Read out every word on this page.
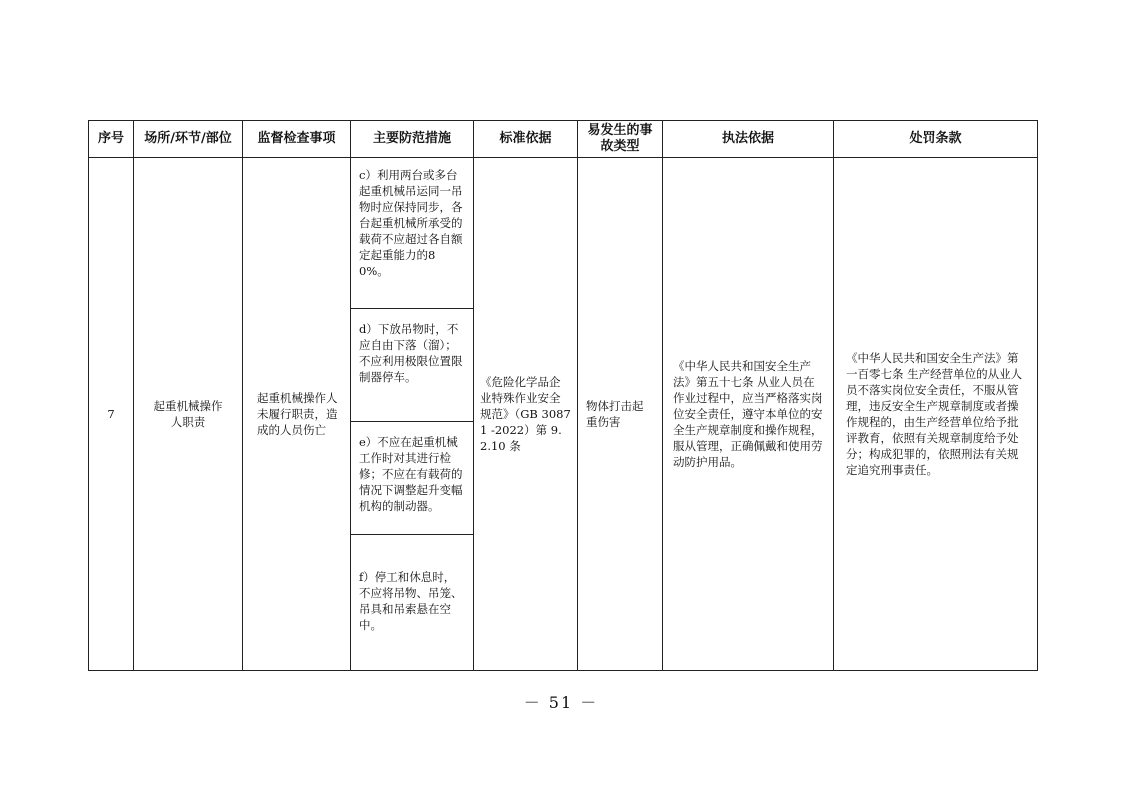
序号	场所/环节/部位	监督检查事项	主要防范措施	标准依据	易发生的事故类型	执法依据	处罚条款
7	起重机械操作人职责	起重机械操作人未履行职责，造成的人员伤亡	c）利用两台或多台起重机械吊运同一吊物时应保持同步，各台起重机械所承受的载荷不应超过各自额定起重能力的80%。
d）下放吊物时，不应自由下落（溜）；不应利用极限位置限制器停车。
e）不应在起重机械工作时对其进行检修；不应在有载荷的情况下调整起升变幅机构的制动器。
f）停工和休息时，不应将吊物、吊笼、吊具和吊索悬在空中。	《危险化学品企业特殊作业安全规范》（GB 30871 -2022）第 9.2.10 条	物体打击起重伤害	《中华人民共和国安全生产法》第五十七条 从业人员在作业过程中，应当严格落实岗位安全责任，遵守本单位的安全生产规章制度和操作规程，服从管理，正确佩戴和使用劳动防护用品。	《中华人民共和国安全生产法》第一百零七条 生产经营单位的从业人员不落实岗位安全责任，不服从管理，违反安全生产规章制度或者操作规程的，由生产经营单位给予批评教育，依照有关规章制度给予处分；构成犯罪的，依照刑法有关规定追究刑事责任。
－ 51 －
